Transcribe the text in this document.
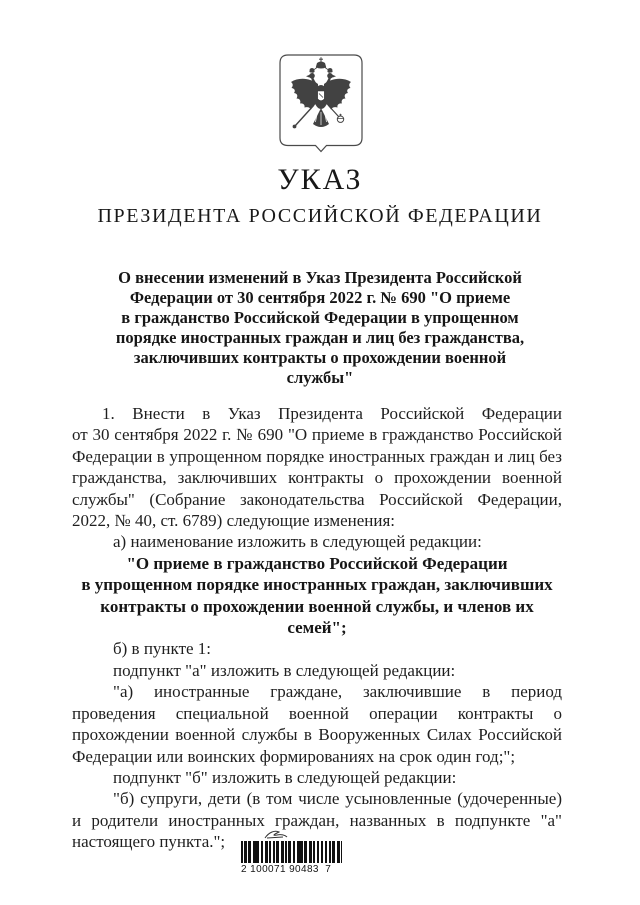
УКАЗ
ПРЕЗИДЕНТА РОССИЙСКОЙ ФЕДЕРАЦИИ
О внесении изменений в Указ Президента Российской
Федерации от 30 сентября 2022 г. № 690 "О приеме
в гражданство Российской Федерации в упрощенном
порядке иностранных граждан и лиц без гражданства,
заключивших контракты о прохождении военной
службы"
1. Внести в Указ Президента Российской Федерации
от 30 сентября 2022 г. № 690 "О приеме в гражданство Российской Федерации в упрощенном порядке иностранных граждан и лиц без гражданства, заключивших контракты о прохождении военной службы" (Собрание законодательства Российской Федерации, 2022, № 40, ст. 6789) следующие изменения:
а) наименование изложить в следующей редакции:
"О приеме в гражданство Российской Федерации
в упрощенном порядке иностранных граждан, заключивших
контракты о прохождении военной службы, и членов их семей";
б) в пункте 1:
подпункт "а" изложить в следующей редакции:
"а) иностранные граждане, заключившие в период проведения специальной военной операции контракты о прохождении военной службы в Вооруженных Силах Российской Федерации или воинских формированиях на срок один год;";
подпункт "б" изложить в следующей редакции:
"б) супруги, дети (в том числе усыновленные (удочеренные) и родители иностранных граждан, названных в подпункте "а" настоящего пункта.";
2 100071 90483  7
